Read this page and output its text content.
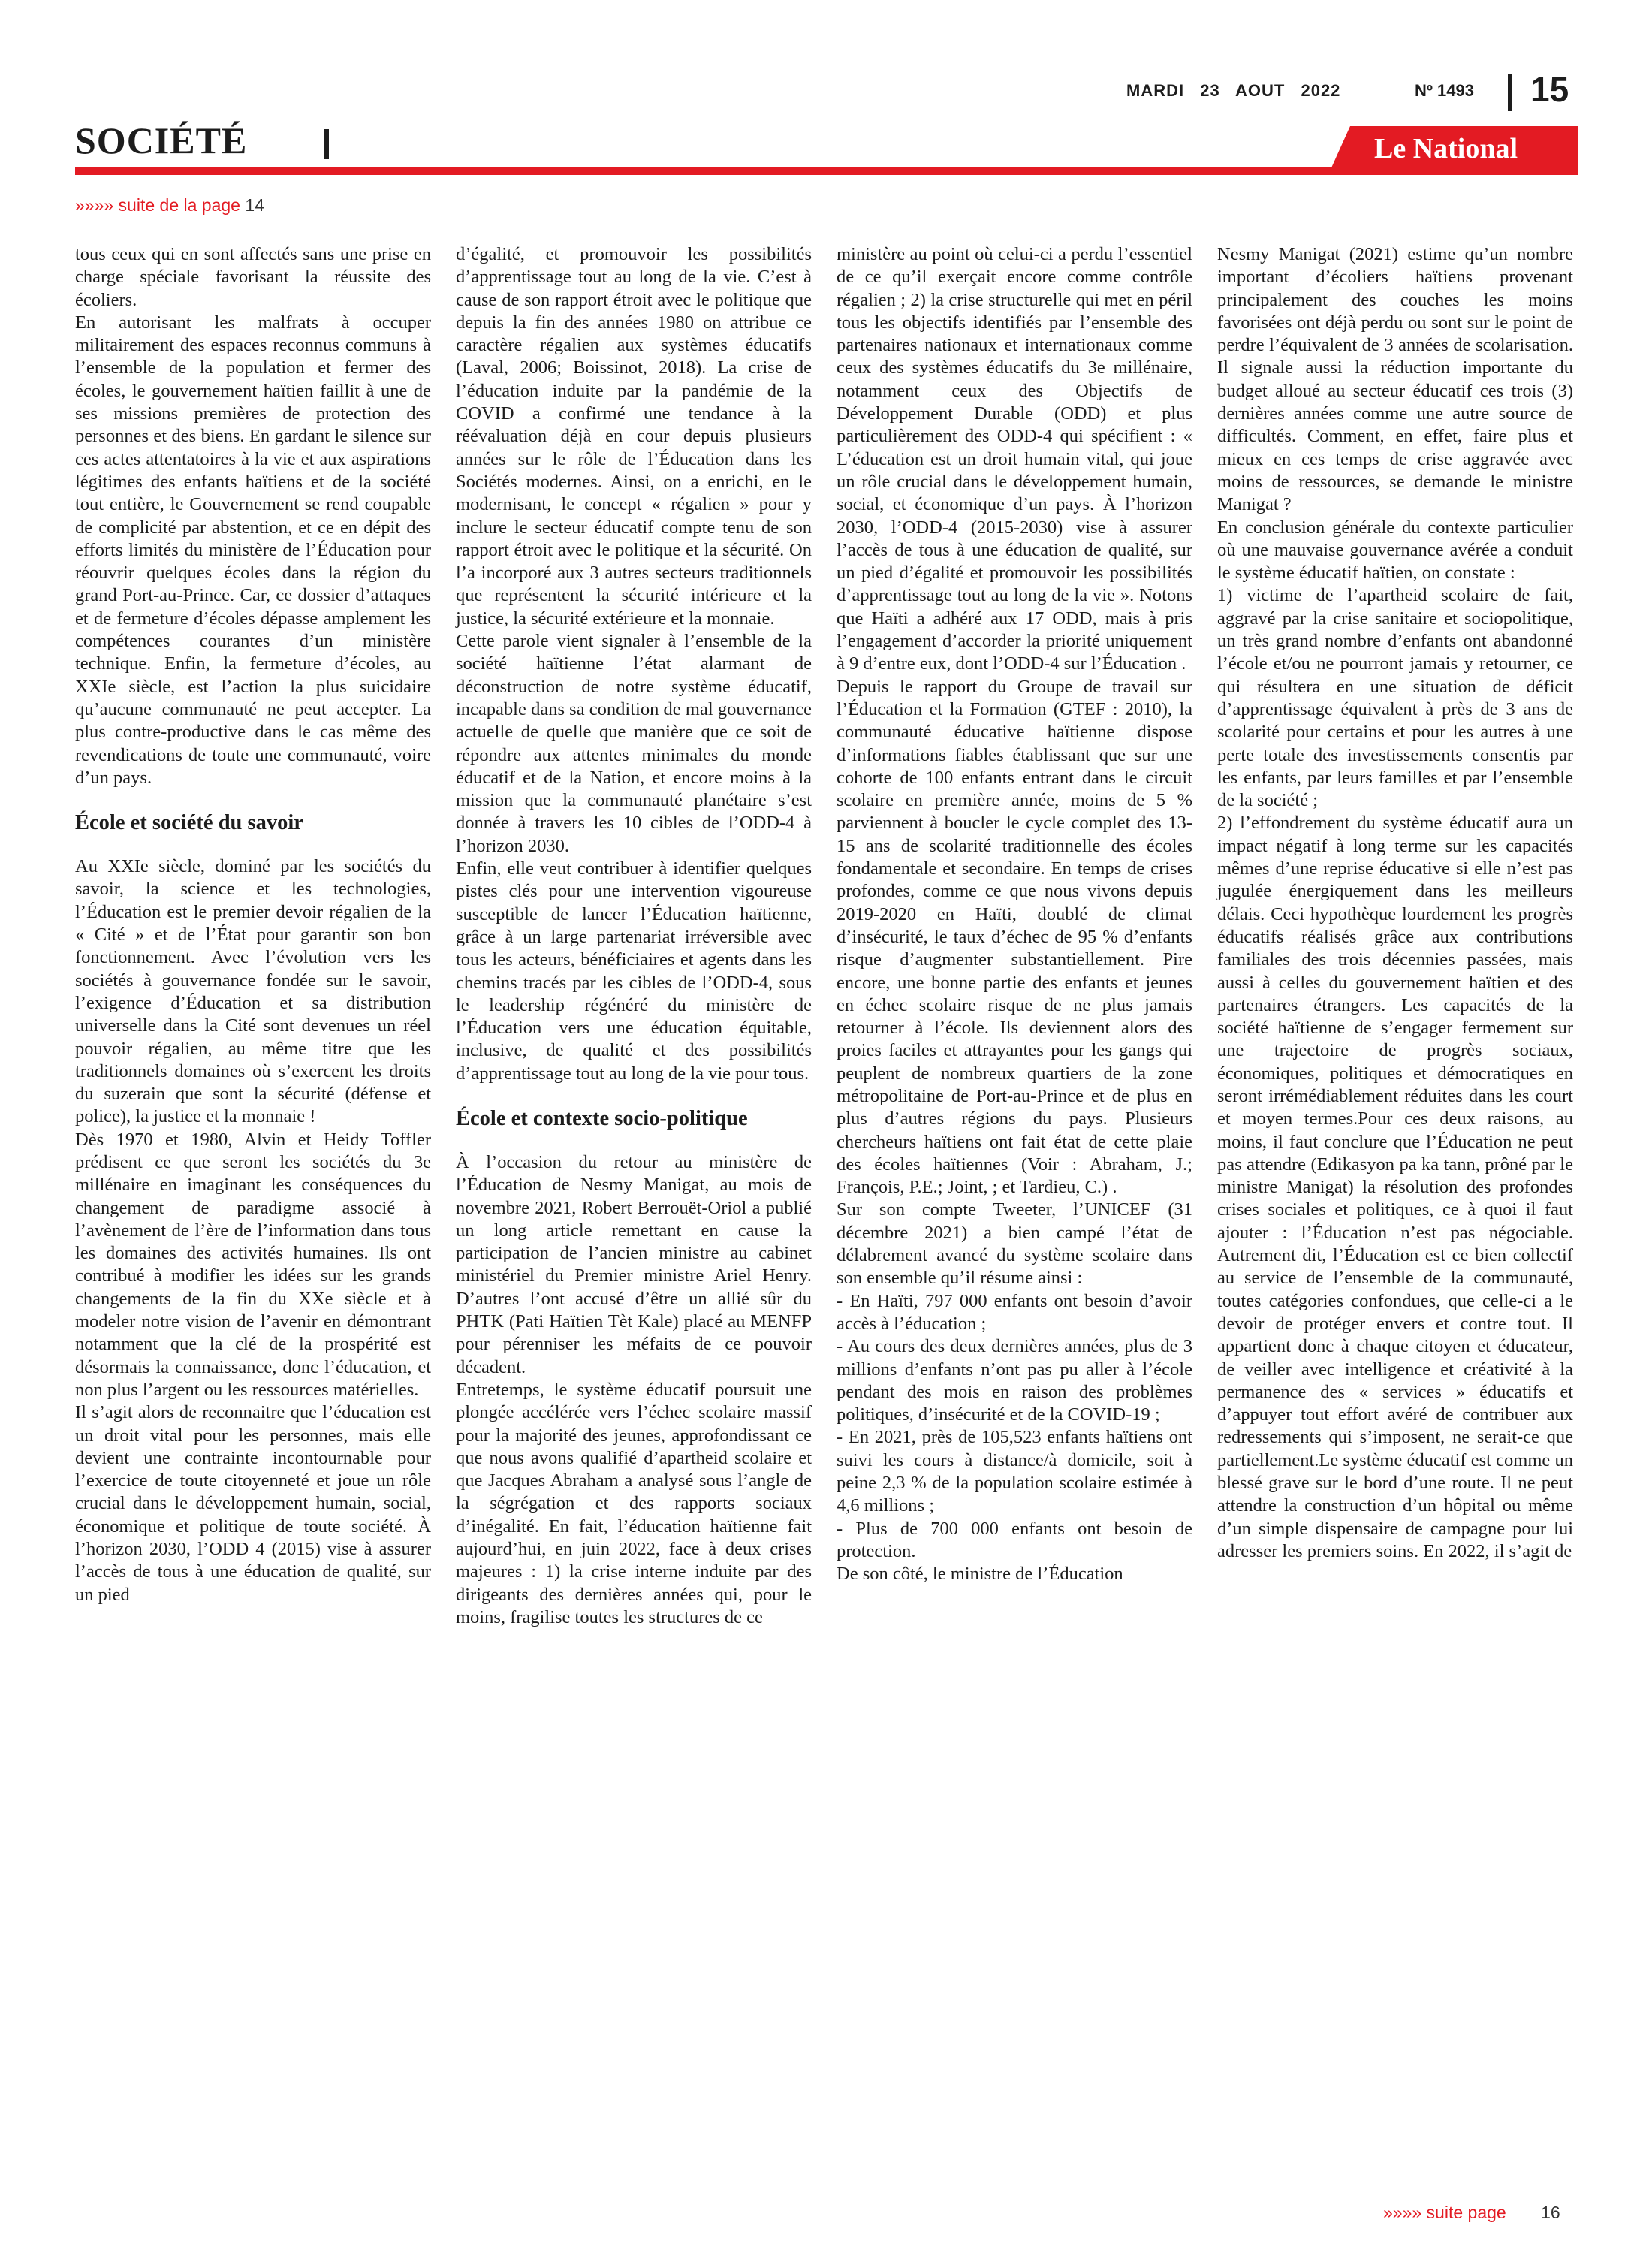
MARDI 23 AOUT 2022	Nº 1493 15
SOCIÉTÉ	Le National
»»»» suite de la page 14

tous ceux qui en sont affectés sans une prise en charge spéciale favorisant la réussite des écoliers.

En autorisant les malfrats à occuper militairement des espaces reconnus communs à l’ensemble de la population et fermer des écoles, le gouvernement haïtien faillit à une de ses missions premières de protection des personnes et des biens. En gardant le silence sur ces actes attentatoires à la vie et aux aspirations légitimes des enfants haïtiens et de la société tout entière, le Gouvernement se rend coupable de complicité par abstention, et ce en dépit des efforts limités du ministère de l’Éducation pour réouvrir quelques écoles dans la région du grand Port-au-Prince. Car, ce dossier d’attaques et de fermeture d’écoles dépasse amplement les compétences courantes d’un ministère technique. Enfin, la fermeture d’écoles, au XXIe siècle, est l’action la plus suicidaire qu’aucune communauté ne peut accepter. La plus contre-productive dans le cas même des revendications de toute une communauté, voire d’un pays.

École et société du savoir

Au XXIe siècle, dominé par les sociétés du savoir, la science et les technologies, l’Éducation est le premier devoir régalien de la « Cité » et de l’État pour garantir son bon fonctionnement. Avec l’évolution vers les sociétés à gouvernance fondée sur le savoir, l’exigence d’Éducation et sa distribution universelle dans la Cité sont devenues un réel pouvoir régalien, au même titre que les traditionnels domaines où s’exercent les droits du suzerain que sont la sécurité (défense et police), la justice et la monnaie !

Dès 1970 et 1980, Alvin et Heidy Toffler prédisent ce que seront les sociétés du 3e millénaire en imaginant les conséquences du changement de paradigme associé à l’avènement de l’ère de l’information dans tous les domaines des activités humaines. Ils ont contribué à modifier les idées sur les grands changements de la fin du XXe siècle et à modeler notre vision de l’avenir en démontrant notamment que la clé de la prospérité est désormais la connaissance, donc l’éducation, et non plus l’argent ou les ressources matérielles.

Il s’agit alors de reconnaitre que l’éducation est un droit vital pour les personnes, mais elle devient une contrainte incontournable pour l’exercice de toute citoyenneté et joue un rôle crucial dans le développement humain, social, économique et politique de toute société. À l’horizon 2030, l’ODD 4 (2015) vise à assurer l’accès de tous à une éducation de qualité, sur un pied

d’égalité, et promouvoir les possibilités d’apprentissage tout au long de la vie. C’est à cause de son rapport étroit avec le politique que depuis la fin des années 1980 on attribue ce caractère régalien aux systèmes éducatifs (Laval, 2006; Boissinot, 2018). La crise de l’éducation induite par la pandémie de la COVID a confirmé une tendance à la réévaluation déjà en cour depuis plusieurs années sur le rôle de l’Éducation dans les Sociétés modernes. Ainsi, on a enrichi, en le modernisant, le concept « régalien » pour y inclure le secteur éducatif compte tenu de son rapport étroit avec le politique et la sécurité. On l’a incorporé aux 3 autres secteurs traditionnels que représentent la sécurité intérieure et la justice, la sécurité extérieure et la monnaie.

Cette parole vient signaler à l’ensemble de la société haïtienne l’état alarmant de déconstruction de notre système éducatif, incapable dans sa condition de mal gouvernance actuelle de quelle que manière que ce soit de répondre aux attentes minimales du monde éducatif et de la Nation, et encore moins à la mission que la communauté planétaire s’est donnée à travers les 10 cibles de l’ODD-4 à l’horizon 2030.

Enfin, elle veut contribuer à identifier quelques pistes clés pour une intervention vigoureuse susceptible de lancer l’Éducation haïtienne, grâce à un large partenariat irréversible avec tous les acteurs, bénéficiaires et agents dans les chemins tracés par les cibles de l’ODD-4, sous le leadership régénéré du ministère de l’Éducation vers une éducation équitable, inclusive, de qualité et des possibilités d’apprentissage tout au long de la vie pour tous.

École et contexte socio-politique

À l’occasion du retour au ministère de l’Éducation de Nesmy Manigat, au mois de novembre 2021, Robert Berrouët-Oriol a publié un long article remettant en cause la participation de l’ancien ministre au cabinet ministériel du Premier ministre Ariel Henry. D’autres l’ont accusé d’être un allié sûr du PHTK (Pati Haïtien Tèt Kale) placé au MENFP pour pérenniser les méfaits de ce pouvoir décadent.

Entretemps, le système éducatif poursuit une plongée accélérée vers l’échec scolaire massif pour la majorité des jeunes, approfondissant ce que nous avons qualifié d’apartheid scolaire et que Jacques Abraham a analysé sous l’angle de la ségrégation et des rapports sociaux d’inégalité. En fait, l’éducation haïtienne fait aujourd’hui, en juin 2022, face à deux crises majeures : 1) la crise interne induite par des dirigeants des dernières années qui, pour le moins, fragilise toutes les structures de ce

ministère au point où celui-ci a perdu l’essentiel de ce qu’il exerçait encore comme contrôle régalien ; 2) la crise structurelle qui met en péril tous les objectifs identifiés par l’ensemble des partenaires nationaux et internationaux comme ceux des systèmes éducatifs du 3e millénaire, notamment ceux des Objectifs de Développement Durable (ODD) et plus particulièrement des ODD-4 qui spécifient : « L’éducation est un droit humain vital, qui joue un rôle crucial dans le développement humain, social, et économique d’un pays. À l’horizon 2030, l’ODD-4 (2015-2030) vise à assurer l’accès de tous à une éducation de qualité, sur un pied d’égalité et promouvoir les possibilités d’apprentissage tout au long de la vie ». Notons que Haïti a adhéré aux 17 ODD, mais à pris l’engagement d’accorder la priorité uniquement à 9 d’entre eux, dont l’ODD-4 sur l’Éducation .

Depuis le rapport du Groupe de travail sur l’Éducation et la Formation (GTEF : 2010), la communauté éducative haïtienne dispose d’informations fiables établissant que sur une cohorte de 100 enfants entrant dans le circuit scolaire en première année, moins de 5 % parviennent à boucler le cycle complet des 13-15 ans de scolarité traditionnelle des écoles fondamentale et secondaire. En temps de crises profondes, comme ce que nous vivons depuis 2019-2020 en Haïti, doublé de climat d’insécurité, le taux d’échec de 95 % d’enfants risque d’augmenter substantiellement. Pire encore, une bonne partie des enfants et jeunes en échec scolaire risque de ne plus jamais retourner à l’école. Ils deviennent alors des proies faciles et attrayantes pour les gangs qui peuplent de nombreux quartiers de la zone métropolitaine de Port-au-Prince et de plus en plus d’autres régions du pays. Plusieurs chercheurs haïtiens ont fait état de cette plaie des écoles haïtiennes (Voir : Abraham, J.; François, P.E.; Joint, ; et Tardieu, C.) .

Sur son compte Tweeter, l’UNICEF (31 décembre 2021) a bien campé l’état de délabrement avancé du système scolaire dans son ensemble qu’il résume ainsi :

- En Haïti, 797 000 enfants ont besoin d’avoir accès à l’éducation ;

- Au cours des deux dernières années, plus de 3 millions d’enfants n’ont pas pu aller à l’école pendant des mois en raison des problèmes politiques, d’insécurité et de la COVID-19 ;

- En 2021, près de 105,523 enfants haïtiens ont suivi les cours à distance/à domicile, soit à peine 2,3 % de la population scolaire estimée à 4,6 millions ;

- Plus de 700 000 enfants ont besoin de protection.

De son côté, le ministre de l’Éducation

Nesmy Manigat (2021) estime qu’un nombre important d’écoliers haïtiens provenant principalement des couches les moins favorisées ont déjà perdu ou sont sur le point de perdre l’équivalent de 3 années de scolarisation. Il signale aussi la réduction importante du budget alloué au secteur éducatif ces trois (3) dernières années comme une autre source de difficultés. Comment, en effet, faire plus et mieux en ces temps de crise aggravée avec moins de ressources, se demande le ministre Manigat ?

En conclusion générale du contexte particulier où une mauvaise gouvernance avérée a conduit le système éducatif haïtien, on constate :

1) victime de l’apartheid scolaire de fait, aggravé par la crise sanitaire et sociopolitique, un très grand nombre d’enfants ont abandonné l’école et/ou ne pourront jamais y retourner, ce qui résultera en une situation de déficit d’apprentissage équivalent à près de 3 ans de scolarité pour certains et pour les autres à une perte totale des investissements consentis par les enfants, par leurs familles et par l’ensemble de la société ;

2) l’effondrement du système éducatif aura un impact négatif à long terme sur les capacités mêmes d’une reprise éducative si elle n’est pas jugulée énergiquement dans les meilleurs délais. Ceci hypothèque lourdement les progrès éducatifs réalisés grâce aux contributions familiales des trois décennies passées, mais aussi à celles du gouvernement haïtien et des partenaires étrangers. Les capacités de la société haïtienne de s’engager fermement sur une trajectoire de progrès sociaux, économiques, politiques et démocratiques en seront irrémédiablement réduites dans les court et moyen termes.Pour ces deux raisons, au moins, il faut conclure que l’Éducation ne peut pas attendre (Edikasyon pa ka tann, prôné par le ministre Manigat) la résolution des profondes crises sociales et politiques, ce à quoi il faut ajouter : l’Éducation n’est pas négociable. Autrement dit, l’Éducation est ce bien collectif au service de l’ensemble de la communauté, toutes catégories confondues, que celle-ci a le devoir de protéger envers et contre tout. Il appartient donc à chaque citoyen et éducateur, de veiller avec intelligence et créativité à la permanence des « services » éducatifs et d’appuyer tout effort avéré de contribuer aux redressements qui s’imposent, ne serait-ce que partiellement.Le système éducatif est comme un blessé grave sur le bord d’une route. Il ne peut attendre la construction d’un hôpital ou même d’un simple dispensaire de campagne pour lui adresser les premiers soins. En 2022, il s’agit de

»»»» suite page 16
